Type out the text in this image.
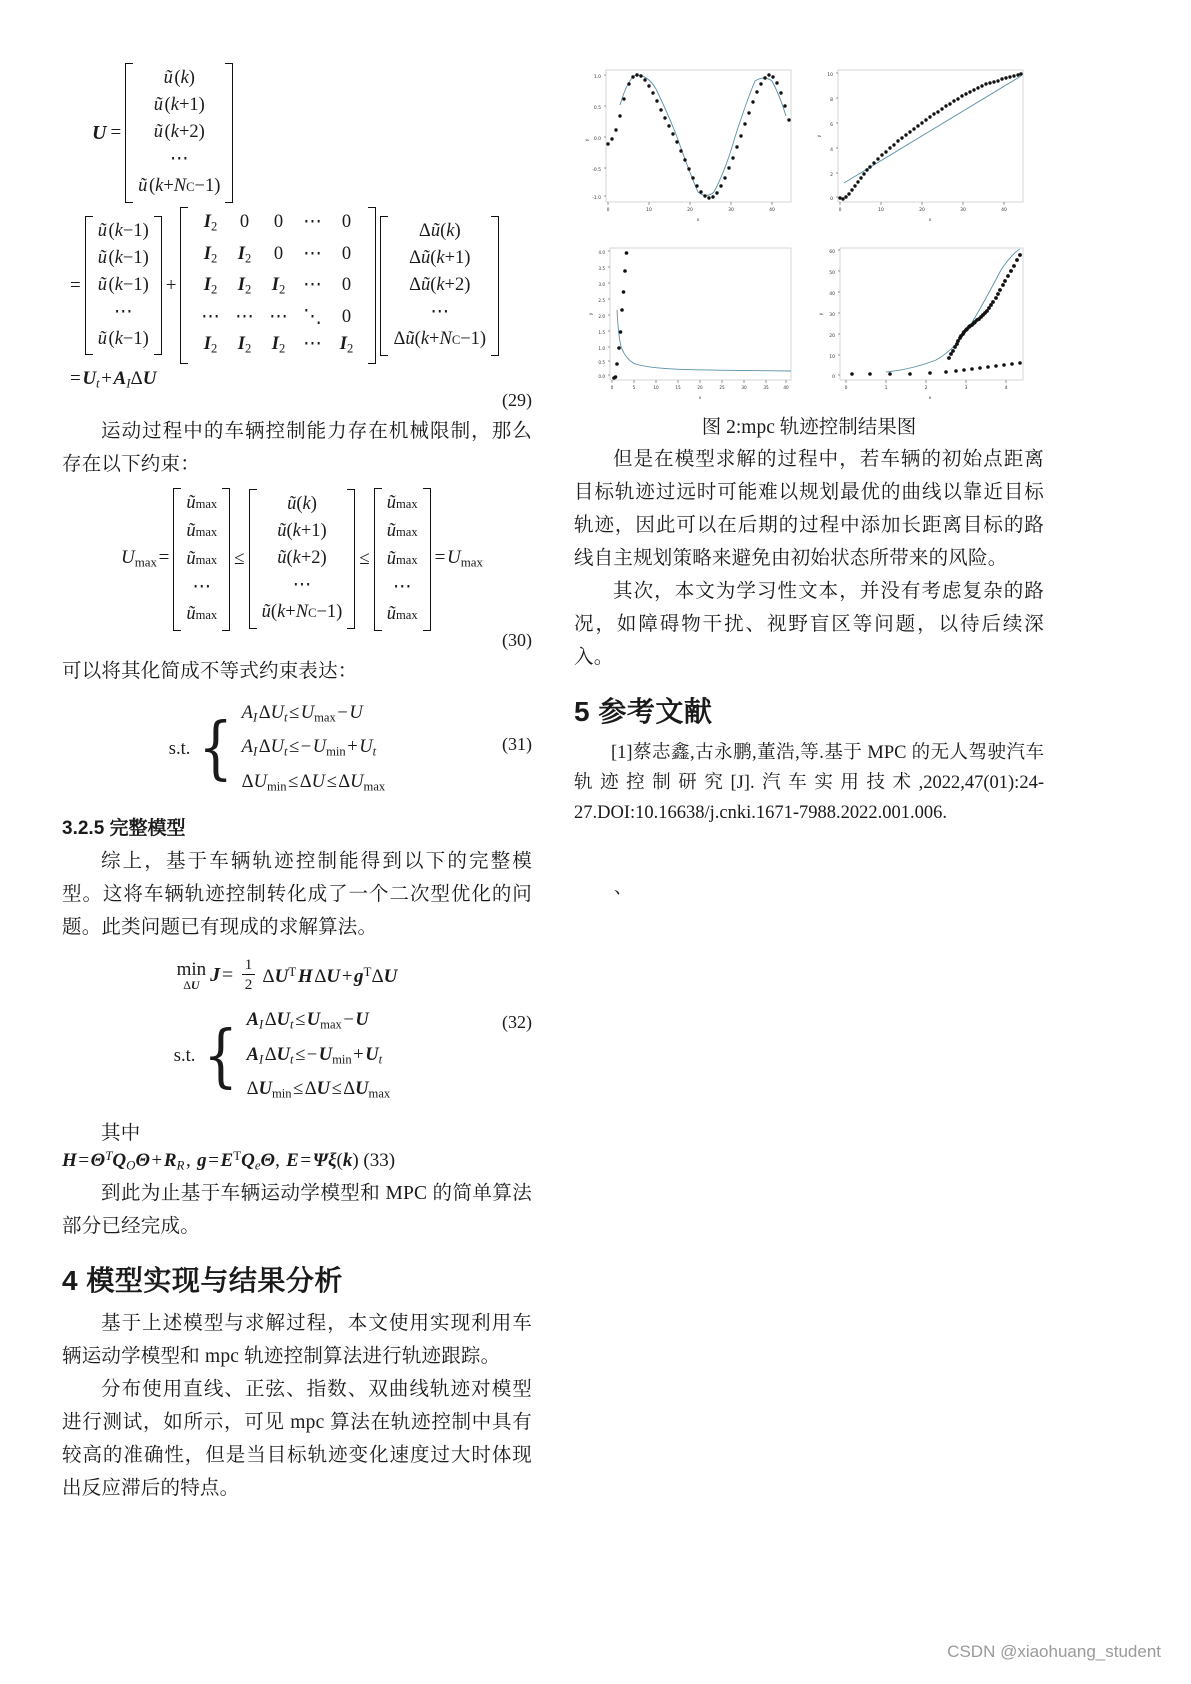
U =
ũ  ( k )
ũ  ( k +1)
ũ  ( k +2)
⋯
ũ  ( k + N C −1)
=
ũ  ( k −1)
ũ  ( k −1)
ũ  ( k −1)
⋯
ũ  ( k −1)
+
$I_2$	0	0	⋯	0
$I_2$	$I_2$	0	⋯	0
$I_2$	$I_2$	$I_2$ ⋯	0
⋯ ⋯ ⋯ ⋱	0
$I_2$	$I_2$	$I_2$ ⋯ $I_2$
Δ ũ ( k )
Δ ũ ( k +1)
Δ ũ ( k +2)
⋯
Δ ũ ( k + N C −1)
= $U_t$ + $A_I\Delta U$
(29)

运动过程中的车辆控制能力存在机械限制，那么存在以下约束：

$U_{max}$ =
ũ max
ũ max
ũ max
⋯
ũ max
≤
ũ ( k )
ũ ( k +1)
ũ ( k +2)
⋯
ũ ( k + N C −1)
≤
ũ max
ũ max
ũ max
⋯
ũ max
= $U_{max}$
(30)

可以将其化简成不等式约束表达：

s.t. { $A_I$ $\Delta U_t$ ≤ $U_{max}$ − U
$A_I$ $\Delta U_t$ ≤ − $U_{min}$ + $U_t$
$\Delta U_{min}$ ≤ ΔU ≤ $\Delta U_{max}$
(31)
3.2.5 完整模型

综上，基于车辆轨迹控制能得到以下的完整模型。这将车辆轨迹控制转化成了一个二次型优化的问题。此类问题已有现成的求解算法。

min
ΔU J =  $\frac{1}{2} \Delta U^T$ H ΔU + $g^T\Delta U$
s.t. { $A_I$ $\Delta U_t$ ≤ $U_{max}$ − U
$A_I$ $\Delta U_t$ ≤ − $U_{min}$ + $U_t$
$\Delta U_{min}$ ≤ ΔU ≤ $\Delta U_{max}$
(32)

其中

H = $\Theta^TQ_O\Theta$ + $R_R$ ,  g = $E^TQ_e\Theta$,  E = Ψξ(k) (33)

到此为止基于车辆运动学模型和 MPC 的简单算法部分已经完成。

4 模型实现与结果分析

基于上述模型与求解过程，本文使用实现利用车辆运动学模型和 mpc 轨迹控制算法进行轨迹跟踪。

分布使用直线、正弦、指数、双曲线轨迹对模型进行测试，如所示，可见 mpc 算法在轨迹控制中具有较高的准确性，但是当目标轨迹变化速度过大时体现出反应滞后的特点。

1.0
0.5
0.0
-0.5
-1.0
y
0	10	20	30	40
x
10
8
6
4
2
0
y
0	10	20	30	40
x
4.0
3.5
3.0
2.5
2.0
1.5
1.0
0.5
0.0
y
0	5	10	15	20	25	30	35	40
x
60
50
40
30
20
10
0
y
0	1	2	3	4
x

图 2:mpc 轨迹控制结果图

但是在模型求解的过程中，若车辆的初始点距离目标轨迹过远时可能难以规划最优的曲线以靠近目标轨迹，因此可以在后期的过程中添加长距离目标的路线自主规划策略来避免由初始状态所带来的风险。

其次，本文为学习性文本，并没有考虑复杂的路况，如障碍物干扰、视野盲区等问题，以待后续深入。

5 参考文献

[1]蔡志鑫,古永鹏,董浩,等.基于 MPC 的无人驾驶汽车轨迹控制研究[J].汽车实用技术,2022,47(01):24-27.DOI:10.16638/j.cnki.1671-7988.2022.001.006.

、
CSDN @xiaohuang_student
